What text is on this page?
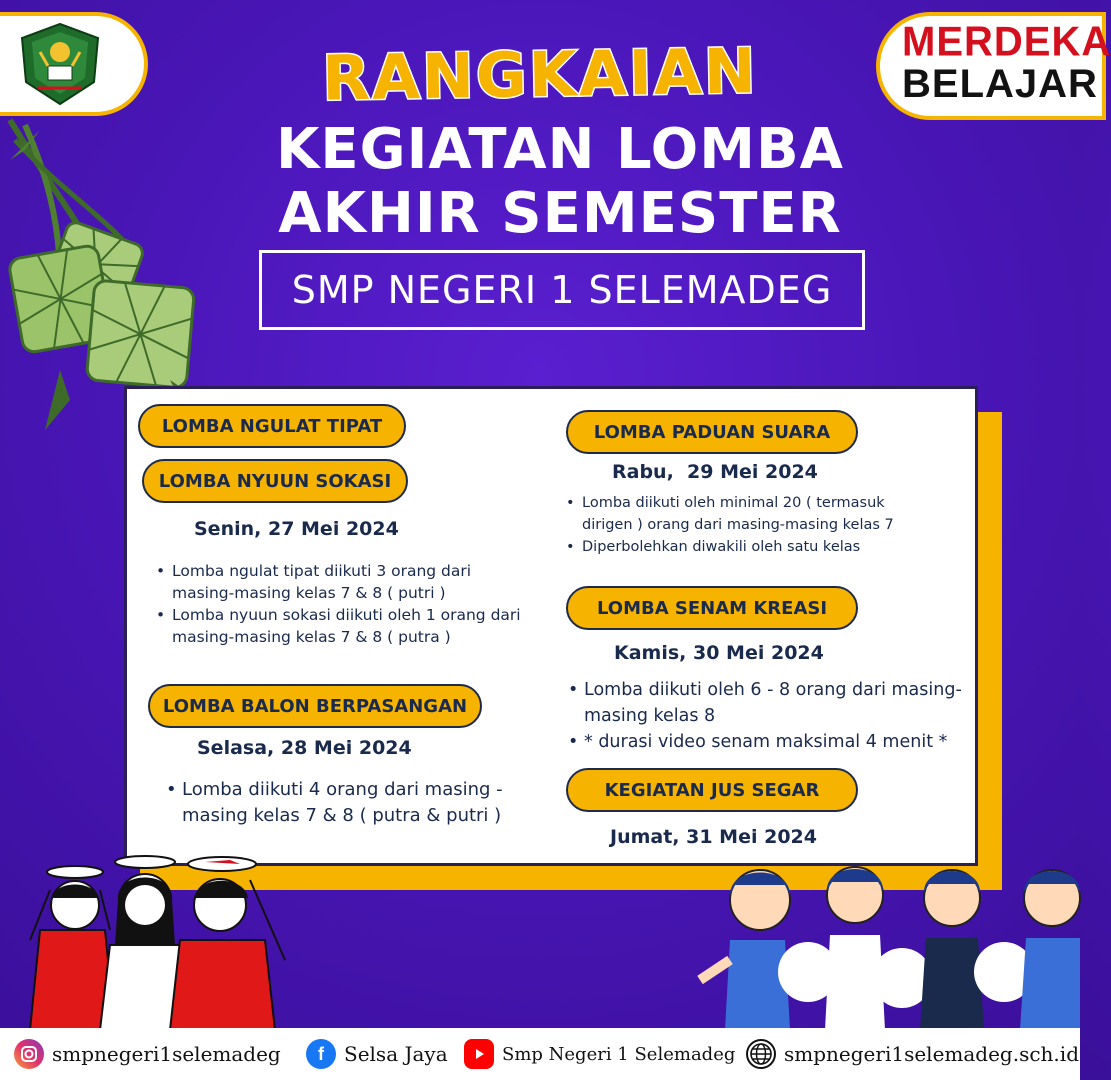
MERDEKA
BELAJAR
RANGKAIAN
KEGIATAN LOMBA
AKHIR SEMESTER
SMP NEGERI 1 SELEMADEG
LOMBA NGULAT TIPAT
LOMBA NYUUN SOKASI
Senin, 27 Mei 2024
• Lomba ngulat tipat diikuti 3 orang dari masing-masing kelas 7 & 8 ( putri )
• Lomba nyuun sokasi diikuti oleh 1 orang dari masing-masing kelas 7 & 8 ( putra )
LOMBA BALON BERPASANGAN
Selasa, 28 Mei 2024
• Lomba diikuti 4 orang dari masing - masing kelas 7 & 8 ( putra & putri )
LOMBA PADUAN SUARA
Rabu,  29 Mei 2024
• Lomba diikuti oleh minimal 20 ( termasuk dirigen ) orang dari masing-masing kelas 7
• Diperbolehkan diwakili oleh satu kelas
LOMBA SENAM KREASI
Kamis, 30 Mei 2024
• Lomba diikuti oleh 6 - 8 orang dari masing-masing kelas 8
• * durasi video senam maksimal 4 menit *
KEGIATAN JUS SEGAR
Jumat, 31 Mei 2024
smpnegeri1selemadeg	f	Selsa Jaya	Smp Negeri 1 Selemadeg smpnegeri1selemadeg.sch.id
